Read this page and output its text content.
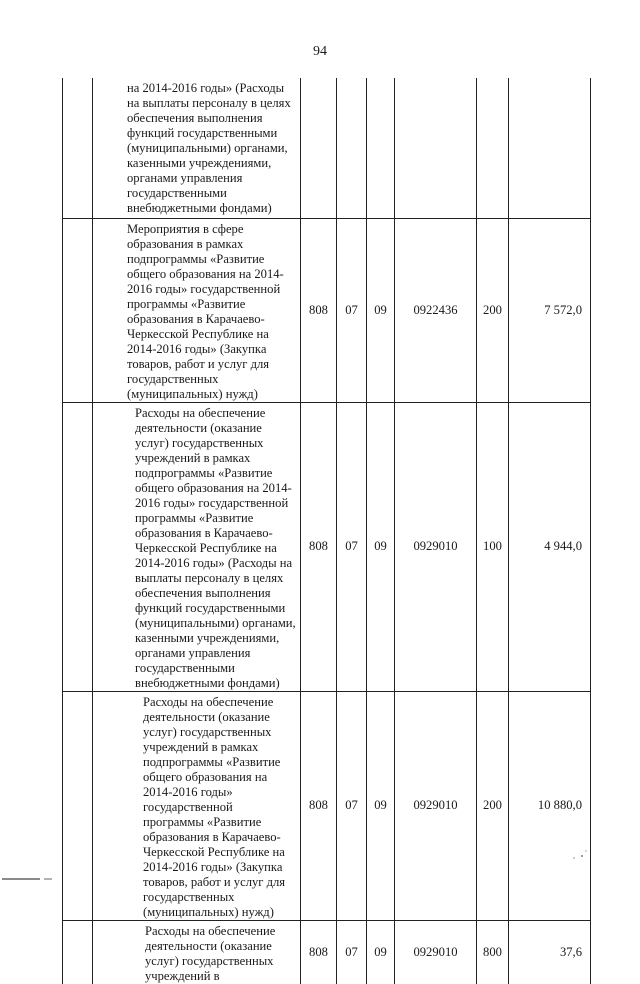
94

	на 2014-2016 годы» (Расходы на выплаты персоналу в целях обеспечения выполнения функций государственными (муниципальными) органами, казенными учреждениями, органами управления государственными внебюджетными фондами)						

	Мероприятия в сфере образования в рамках подпрограммы «Развитие общего образования на 2014-2016 годы» государственной программы «Развитие образования в Карачаево-Черкесской Республике на 2014-2016 годы» (Закупка товаров, работ и услуг для государственных (муниципальных) нужд)	808	07	09	0922436	200	7 572,0

	Расходы на обеспечение деятельности (оказание услуг) государственных учреждений в рамках подпрограммы «Развитие общего образования на 2014-2016 годы» государственной программы «Развитие образования в Карачаево-Черкесской Республике на 2014-2016 годы» (Расходы на выплаты персоналу в целях обеспечения выполнения функций государственными (муниципальными) органами, казенными учреждениями, органами управления государственными внебюджетными фондами)	808	07	09	0929010	100	4 944,0

	Расходы на обеспечение деятельности (оказание услуг) государственных учреждений в рамках подпрограммы «Развитие общего образования на 2014-2016 годы» государственной программы «Развитие образования в Карачаево-Черкесской Республике на 2014-2016 годы» (Закупка товаров, работ и услуг для государственных (муниципальных) нужд)	808	07	09	0929010	200	10 880,0

	Расходы на обеспечение деятельности (оказание услуг) государственных учреждений в	808	07	09	0929010	800	37,6
